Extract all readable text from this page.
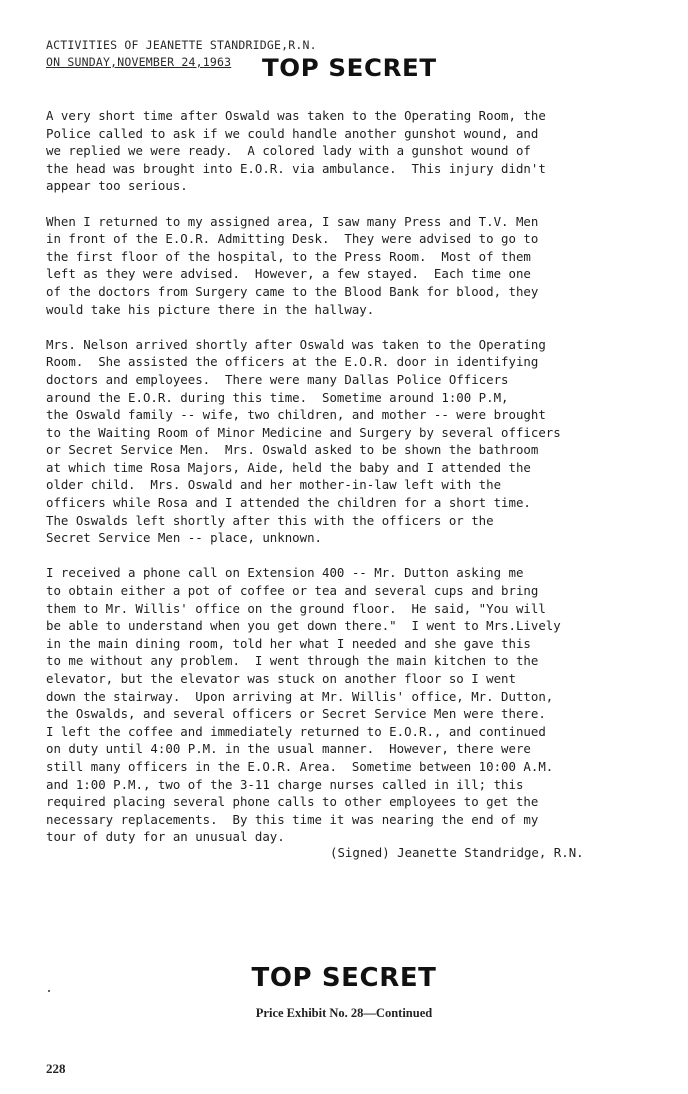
ACTIVITIES OF JEANETTE STANDRIDGE,R.N.
ON SUNDAY,NOVEMBER 24,1963 TOP SECRET
A very short time after Oswald was taken to the Operating Room, the
Police called to ask if we could handle another gunshot wound, and
we replied we were ready.  A colored lady with a gunshot wound of
the head was brought into E.O.R. via ambulance.  This injury didn't
appear too serious.
When I returned to my assigned area, I saw many Press and T.V. Men
in front of the E.O.R. Admitting Desk.  They were advised to go to
the first floor of the hospital, to the Press Room.  Most of them
left as they were advised.  However, a few stayed.  Each time one
of the doctors from Surgery came to the Blood Bank for blood, they
would take his picture there in the hallway.
Mrs. Nelson arrived shortly after Oswald was taken to the Operating
Room.  She assisted the officers at the E.O.R. door in identifying
doctors and employees.  There were many Dallas Police Officers
around the E.O.R. during this time.  Sometime around 1:00 P.M,
the Oswald family -- wife, two children, and mother -- were brought
to the Waiting Room of Minor Medicine and Surgery by several officers
or Secret Service Men.  Mrs. Oswald asked to be shown the bathroom
at which time Rosa Majors, Aide, held the baby and I attended the
older child.  Mrs. Oswald and her mother-in-law left with the
officers while Rosa and I attended the children for a short time.
The Oswalds left shortly after this with the officers or the
Secret Service Men -- place, unknown.
I received a phone call on Extension 400 -- Mr. Dutton asking me
to obtain either a pot of coffee or tea and several cups and bring
them to Mr. Willis' office on the ground floor.  He said, "You will
be able to understand when you get down there."  I went to Mrs.Lively
in the main dining room, told her what I needed and she gave this
to me without any problem.  I went through the main kitchen to the
elevator, but the elevator was stuck on another floor so I went
down the stairway.  Upon arriving at Mr. Willis' office, Mr. Dutton,
the Oswalds, and several officers or Secret Service Men were there.
I left the coffee and immediately returned to E.O.R., and continued
on duty until 4:00 P.M. in the usual manner.  However, there were
still many officers in the E.O.R. Area.  Sometime between 10:00 A.M.
and 1:00 P.M., two of the 3-11 charge nurses called in ill; this
required placing several phone calls to other employees to get the
necessary replacements.  By this time it was nearing the end of my
tour of duty for an unusual day.
(Signed) Jeanette Standridge, R.N.
TOP SECRET
Price Exhibit No. 28—Continued
228
